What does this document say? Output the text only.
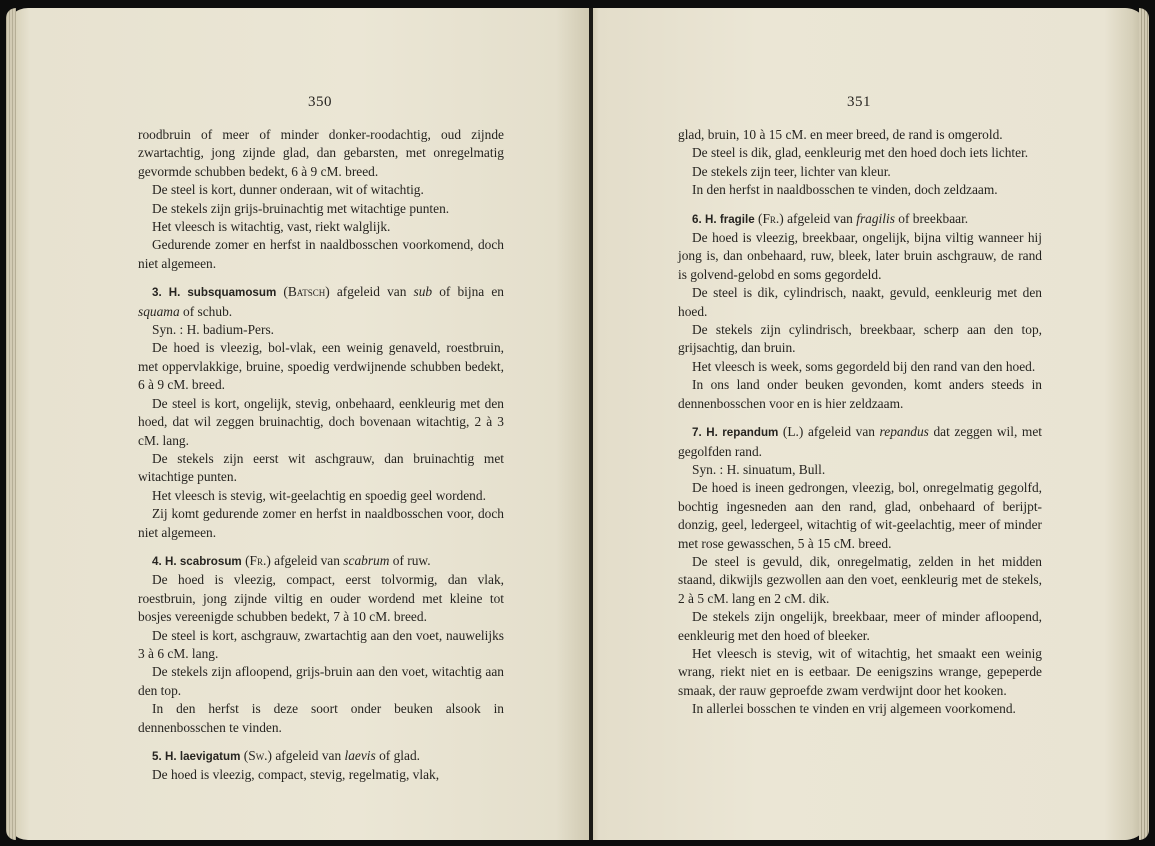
350

roodbruin of meer of minder donker-roodachtig, oud zijnde zwartachtig, jong zijnde glad, dan gebarsten, met onregelmatig gevormde schubben bedekt, 6 à 9 cM. breed.

De steel is kort, dunner onderaan, wit of witachtig.

De stekels zijn grijs-bruinachtig met witachtige punten.

Het vleesch is witachtig, vast, riekt walglijk.

Gedurende zomer en herfst in naaldbosschen voorkomend, doch niet algemeen.

3. H. subsquamosum (Batsch) afgeleid van sub of bijna en squama of schub.

Syn. : H. badium-Pers.

De hoed is vleezig, bol-vlak, een weinig genaveld, roestbruin, met oppervlakkige, bruine, spoedig verdwijnende schubben bedekt, 6 à 9 cM. breed.

De steel is kort, ongelijk, stevig, onbehaard, eenkleurig met den hoed, dat wil zeggen bruinachtig, doch bovenaan witachtig, 2 à 3 cM. lang.

De stekels zijn eerst wit aschgrauw, dan bruinachtig met witachtige punten.

Het vleesch is stevig, wit-geelachtig en spoedig geel wordend.

Zij komt gedurende zomer en herfst in naaldbosschen voor, doch niet algemeen.

4. H. scabrosum (Fr.) afgeleid van scabrum of ruw.

De hoed is vleezig, compact, eerst tolvormig, dan vlak, roestbruin, jong zijnde viltig en ouder wordend met kleine tot bosjes vereenigde schubben bedekt, 7 à 10 cM. breed.

De steel is kort, aschgrauw, zwartachtig aan den voet, nauwelijks 3 à 6 cM. lang.

De stekels zijn afloopend, grijs-bruin aan den voet, witachtig aan den top.

In den herfst is deze soort onder beuken alsook in dennenbosschen te vinden.

5. H. laevigatum (Sw.) afgeleid van laevis of glad.

De hoed is vleezig, compact, stevig, regelmatig, vlak,

351

glad, bruin, 10 à 15 cM. en meer breed, de rand is omgerold.

De steel is dik, glad, eenkleurig met den hoed doch iets lichter.

De stekels zijn teer, lichter van kleur.

In den herfst in naaldbosschen te vinden, doch zeldzaam.

6. H. fragile (Fr.) afgeleid van fragilis of breekbaar.

De hoed is vleezig, breekbaar, ongelijk, bijna viltig wanneer hij jong is, dan onbehaard, ruw, bleek, later bruin aschgrauw, de rand is golvend-gelobd en soms gegordeld.

De steel is dik, cylindrisch, naakt, gevuld, eenkleurig met den hoed.

De stekels zijn cylindrisch, breekbaar, scherp aan den top, grijsachtig, dan bruin.

Het vleesch is week, soms gegordeld bij den rand van den hoed.

In ons land onder beuken gevonden, komt anders steeds in dennenbosschen voor en is hier zeldzaam.

7. H. repandum (L.) afgeleid van repandus dat zeggen wil, met gegolfden rand.

Syn. : H. sinuatum, Bull.

De hoed is ineen gedrongen, vleezig, bol, onregelmatig gegolfd, bochtig ingesneden aan den rand, glad, onbehaard of berijpt-donzig, geel, ledergeel, witachtig of wit-geelachtig, meer of minder met rose gewasschen, 5 à 15 cM. breed.

De steel is gevuld, dik, onregelmatig, zelden in het midden staand, dikwijls gezwollen aan den voet, eenkleurig met de stekels, 2 à 5 cM. lang en 2 cM. dik.

De stekels zijn ongelijk, breekbaar, meer of minder afloopend, eenkleurig met den hoed of bleeker.

Het vleesch is stevig, wit of witachtig, het smaakt een weinig wrang, riekt niet en is eetbaar. De eenigszins wrange, gepeperde smaak, der rauw geproefde zwam verdwijnt door het kooken.

In allerlei bosschen te vinden en vrij algemeen voorkomend.
